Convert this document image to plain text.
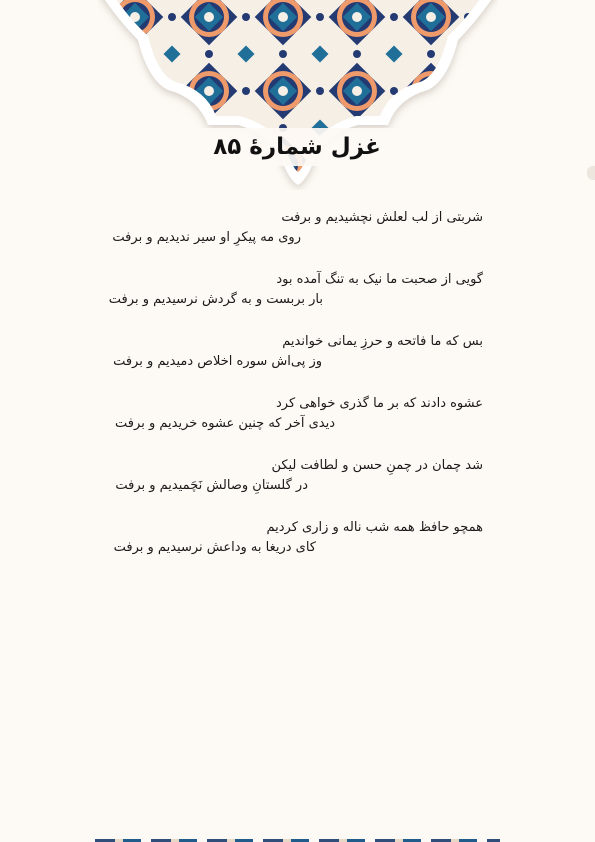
غزل شمارهٔ ۸۵
شربتی از لب لعلش نچشیدیم و برفت
روی مه پیکرِ او سیر ندیدیم و برفت
گویی از صحبت ما نیک به تنگ آمده بود
بار بربست و به گردش نرسیدیم و برفت
بس که ما فاتحه و حرزِ یمانی خواندیم
وز پی‌اش سوره اخلاص دمیدیم و برفت
عشوه دادند که بر ما گذری خواهی کرد
دیدی آخر که چنین عشوه خریدیم و برفت
شد چمان در چمنِ حسن و لطافت لیکن
در گلستانِ وصالش نَچَمیدیم و برفت
همچو حافظ همه شب ناله و زاری کردیم
کای دریغا به وداعش نرسیدیم و برفت
